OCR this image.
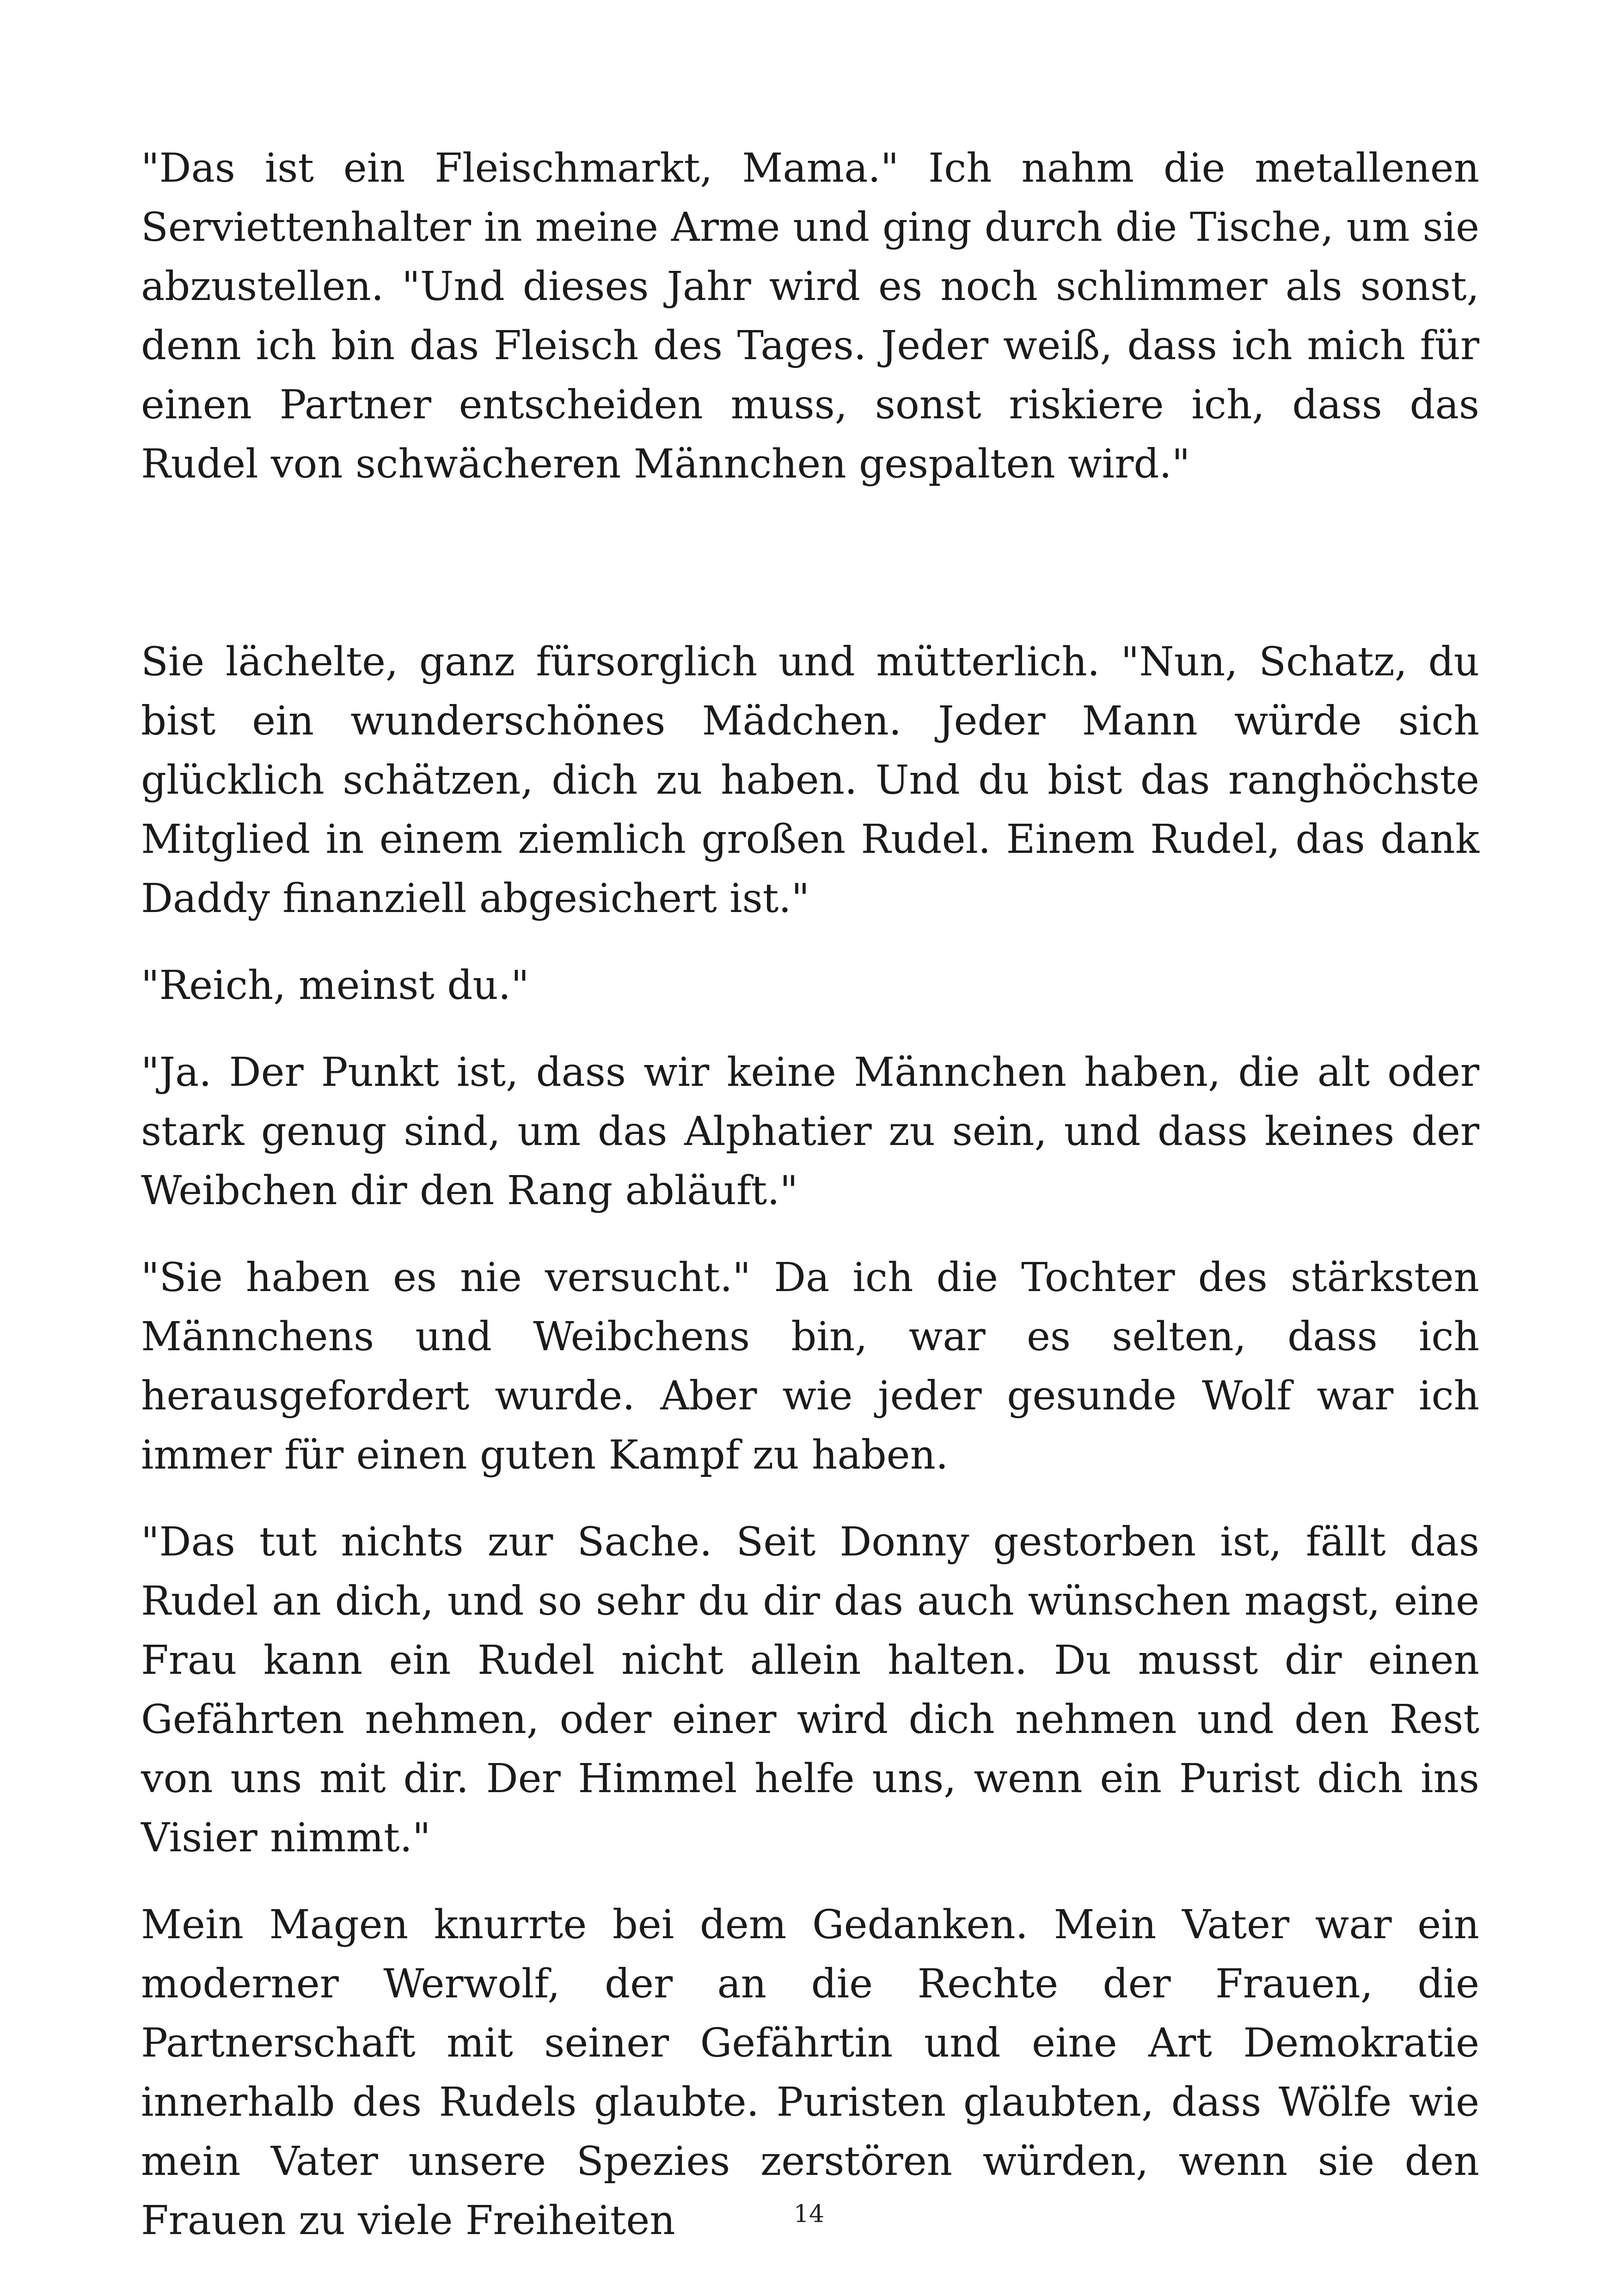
"Das ist ein Fleischmarkt, Mama." Ich nahm die metallenen Serviettenhalter in meine Arme und ging durch die Tische, um sie abzustellen. "Und dieses Jahr wird es noch schlimmer als sonst, denn ich bin das Fleisch des Tages. Jeder weiß, dass ich mich für einen Partner entscheiden muss, sonst riskiere ich, dass das Rudel von schwächeren Männchen gespalten wird."

Sie lächelte, ganz fürsorglich und mütterlich. "Nun, Schatz, du bist ein wunderschönes Mädchen. Jeder Mann würde sich glücklich schätzen, dich zu haben. Und du bist das ranghöchste Mitglied in einem ziemlich großen Rudel. Einem Rudel, das dank Daddy finanziell abgesichert ist."

"Reich, meinst du."

"Ja. Der Punkt ist, dass wir keine Männchen haben, die alt oder stark genug sind, um das Alphatier zu sein, und dass keines der Weibchen dir den Rang abläuft."

"Sie haben es nie versucht." Da ich die Tochter des stärksten Männchens und Weibchens bin, war es selten, dass ich herausgefordert wurde. Aber wie jeder gesunde Wolf war ich immer für einen guten Kampf zu haben.

"Das tut nichts zur Sache. Seit Donny gestorben ist, fällt das Rudel an dich, und so sehr du dir das auch wünschen magst, eine Frau kann ein Rudel nicht allein halten. Du musst dir einen Gefährten nehmen, oder einer wird dich nehmen und den Rest von uns mit dir. Der Himmel helfe uns, wenn ein Purist dich ins Visier nimmt."

Mein Magen knurrte bei dem Gedanken. Mein Vater war ein moderner Werwolf, der an die Rechte der Frauen, die Partnerschaft mit seiner Gefährtin und eine Art Demokratie innerhalb des Rudels glaubte. Puristen glaubten, dass Wölfe wie mein Vater unsere Spezies zerstören würden, wenn sie den Frauen zu viele Freiheiten	14
